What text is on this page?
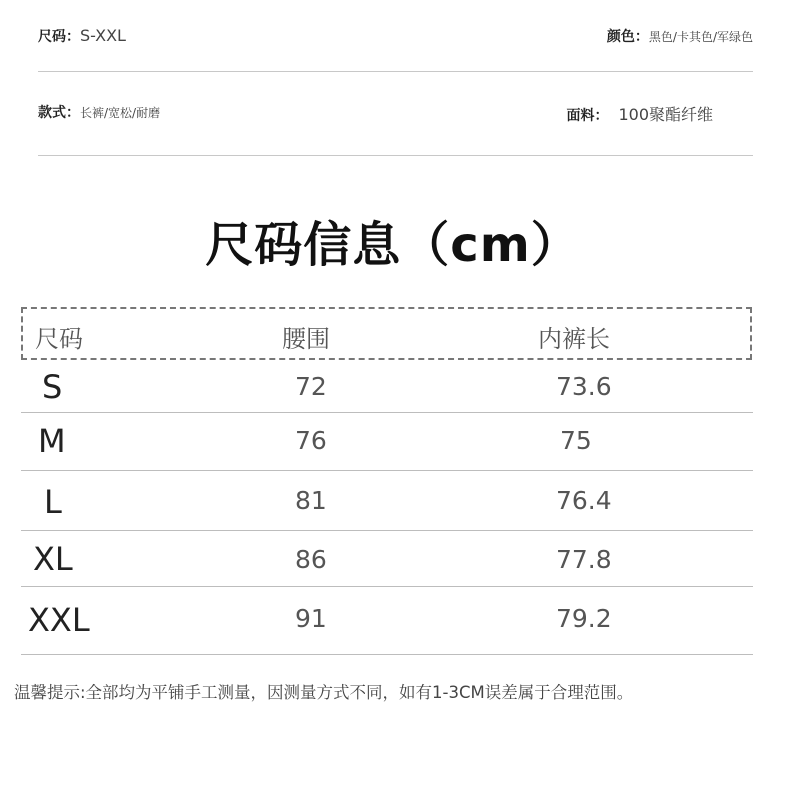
尺码： S-XXL	颜色： 黑色/卡其色/军绿色
款式： 长裤/宽松/耐磨	面料： 100聚酯纤维
尺码信息（cm）
尺码	腰围	内裤长
S	72	73.6
M	76	75
L	81	76.4
XL	86	77.8
XXL	91	79.2
温馨提示:全部均为平铺手工测量，因测量方式不同，如有1-3CM误差属于合理范围。
